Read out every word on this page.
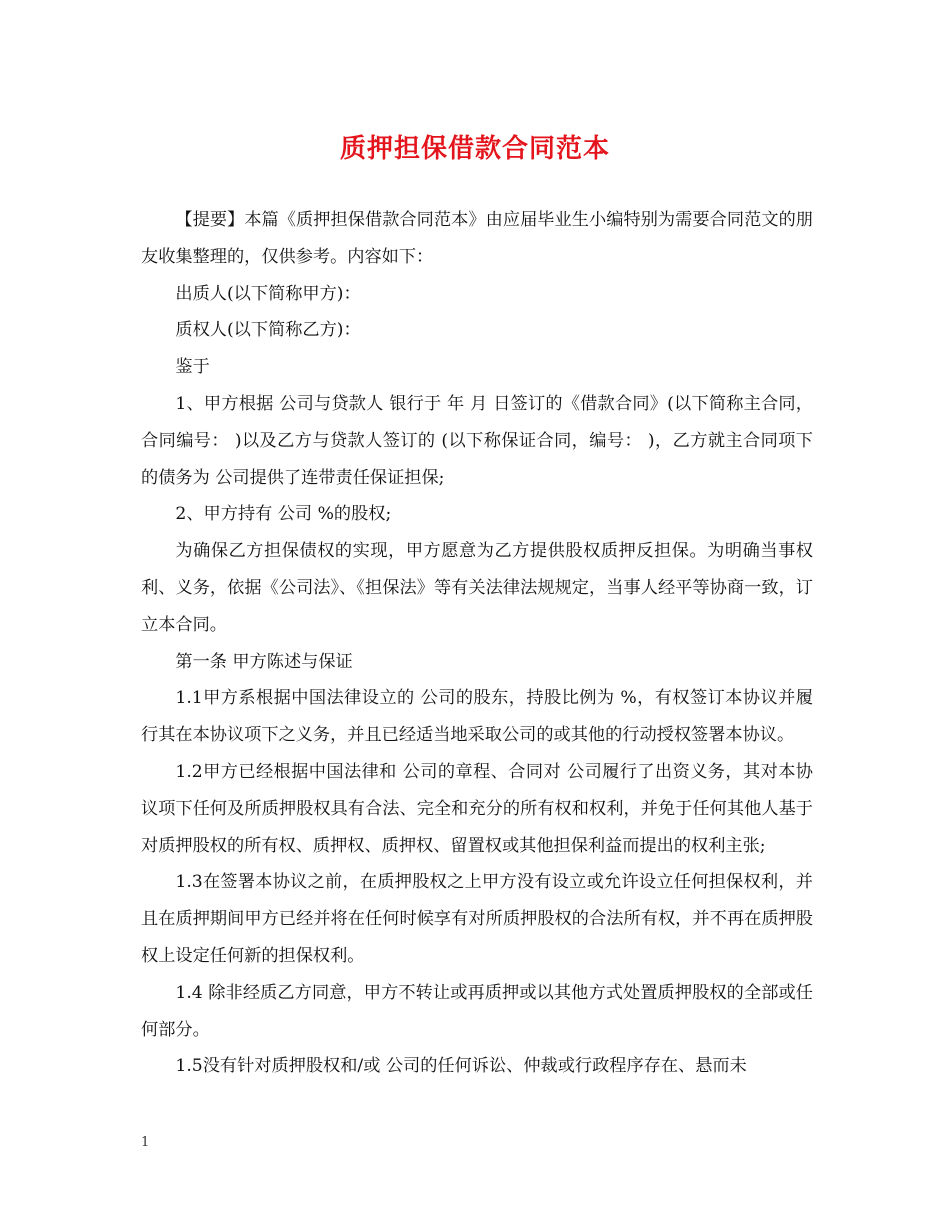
质押担保借款合同范本

【提要】本篇《质押担保借款合同范本》由应届毕业生小编特别为需要合同范文的朋友收集整理的，仅供参考。内容如下：

出质人(以下简称甲方)：

质权人(以下简称乙方)：

鉴于

1、甲方根据 公司与贷款人 银行于 年 月 日签订的《借款合同》(以下简称主合同，合同编号： )以及乙方与贷款人签订的 (以下称保证合同，编号： )，乙方就主合同项下的债务为 公司提供了连带责任保证担保;

2、甲方持有 公司 %的股权;

为确保乙方担保债权的实现，甲方愿意为乙方提供股权质押反担保。为明确当事权利、义务，依据《公司法》、《担保法》等有关法律法规规定，当事人经平等协商一致，订立本合同。

第一条 甲方陈述与保证

1.1甲方系根据中国法律设立的 公司的股东，持股比例为 %，有权签订本协议并履行其在本协议项下之义务，并且已经适当地采取公司的或其他的行动授权签署本协议。

1.2甲方已经根据中国法律和 公司的章程、合同对 公司履行了出资义务，其对本协议项下任何及所质押股权具有合法、完全和充分的所有权和权利，并免于任何其他人基于对质押股权的所有权、质押权、质押权、留置权或其他担保利益而提出的权利主张;

1.3在签署本协议之前，在质押股权之上甲方没有设立或允许设立任何担保权利，并且在质押期间甲方已经并将在任何时候享有对所质押股权的合法所有权，并不再在质押股权上设定任何新的担保权利。

1.4 除非经质乙方同意，甲方不转让或再质押或以其他方式处置质押股权的全部或任何部分。

1.5没有针对质押股权和/或 公司的任何诉讼、仲裁或行政程序存在、悬而未

1
